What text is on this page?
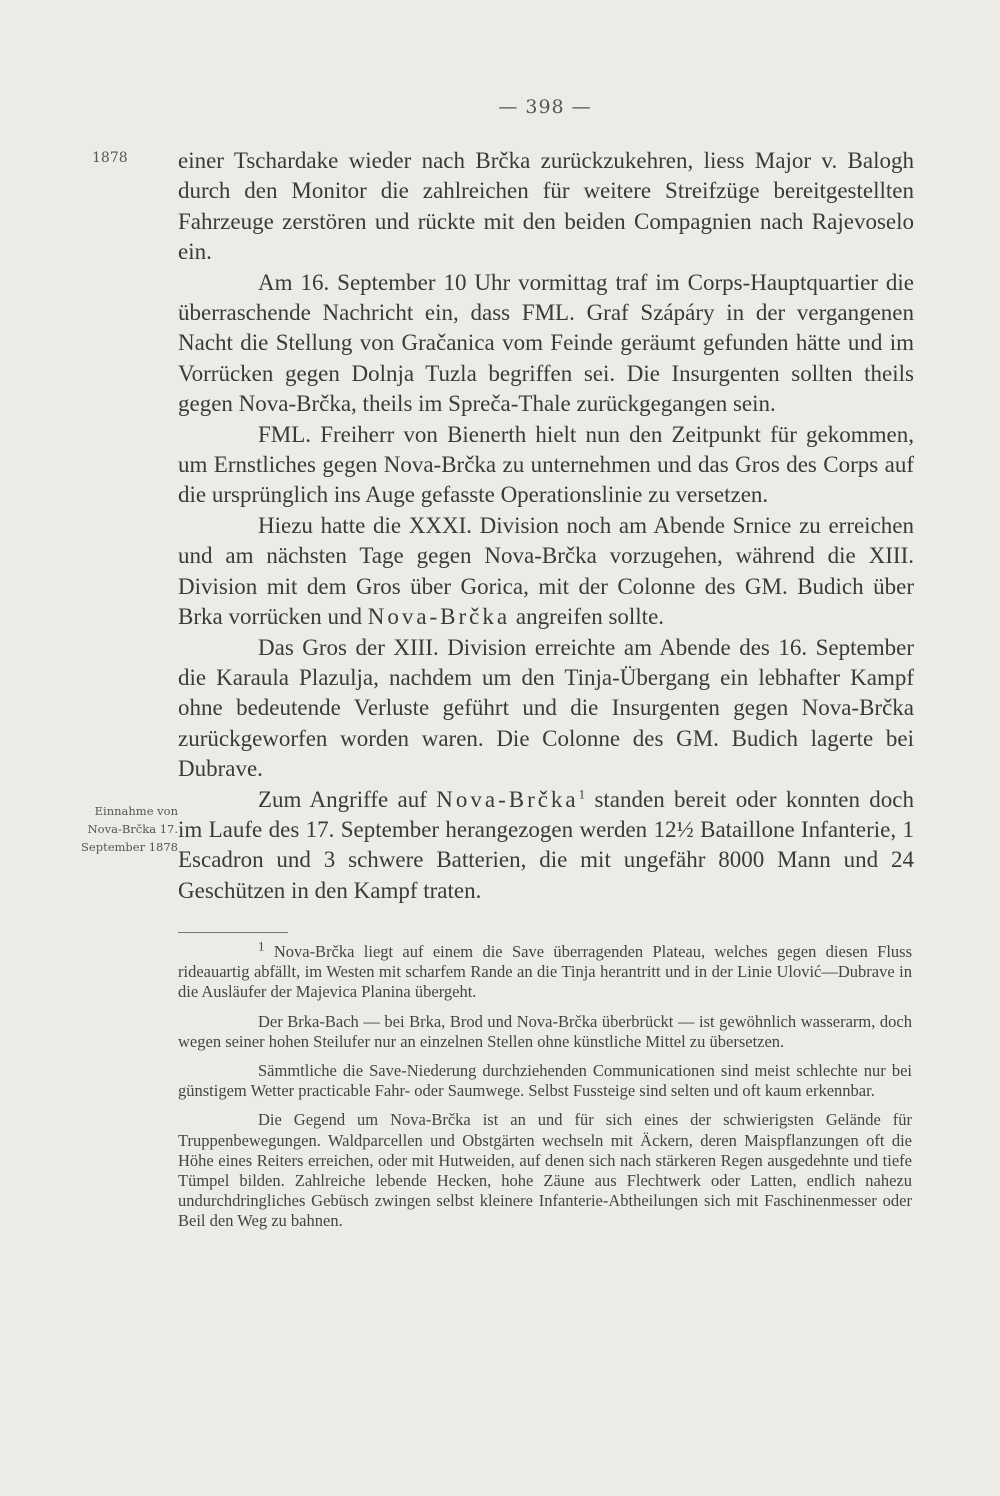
— 398 —
1878
Einnahme von
Nova-Brčka 17.
September 1878

einer Tschardake wieder nach Brčka zurückzukehren, liess Major v. Balogh durch den Monitor die zahlreichen für weitere Streifzüge bereitgestellten Fahrzeuge zerstören und rückte mit den beiden Compagnien nach Rajevoselo ein.

Am 16. September 10 Uhr vormittag traf im Corps-Hauptquartier die überraschende Nachricht ein, dass FML. Graf Szápáry in der vergangenen Nacht die Stellung von Gračanica vom Feinde geräumt gefunden hätte und im Vorrücken gegen Dolnja Tuzla begriffen sei. Die Insurgenten sollten theils gegen Nova-Brčka, theils im Spreča-Thale zurückgegangen sein.

FML. Freiherr von Bienerth hielt nun den Zeitpunkt für gekommen, um Ernstliches gegen Nova-Brčka zu unternehmen und das Gros des Corps auf die ursprünglich ins Auge gefasste Operationslinie zu versetzen.

Hiezu hatte die XXXI. Division noch am Abende Srnice zu erreichen und am nächsten Tage gegen Nova-Brčka vorzugehen, während die XIII. Division mit dem Gros über Gorica, mit der Colonne des GM. Budich über Brka vorrücken und Nova-Brčka angreifen sollte.

Das Gros der XIII. Division erreichte am Abende des 16. September die Karaula Plazulja, nachdem um den Tinja-Übergang ein lebhafter Kampf ohne bedeutende Verluste geführt und die Insurgenten gegen Nova-Brčka zurückgeworfen worden waren. Die Colonne des GM. Budich lagerte bei Dubrave.

Zum Angriffe auf Nova-Brčka$^1$ standen bereit oder konnten doch im Laufe des 17. September herangezogen werden 12½ Bataillone Infanterie, 1 Escadron und 3 schwere Batterien, die mit ungefähr 8000 Mann und 24 Geschützen in den Kampf traten.

$^1$ Nova-Brčka liegt auf einem die Save überragenden Plateau, welches gegen diesen Fluss rideauartig abfällt, im Westen mit scharfem Rande an die Tinja herantritt und in der Linie Ulović—Dubrave in die Ausläufer der Majevica Planina übergeht.

Der Brka-Bach — bei Brka, Brod und Nova-Brčka überbrückt — ist gewöhnlich wasserarm, doch wegen seiner hohen Steilufer nur an einzelnen Stellen ohne künstliche Mittel zu übersetzen.

Sämmtliche die Save-Niederung durchziehenden Communicationen sind meist schlechte nur bei günstigem Wetter practicable Fahr- oder Saumwege. Selbst Fussteige sind selten und oft kaum erkennbar.

Die Gegend um Nova-Brčka ist an und für sich eines der schwierigsten Gelände für Truppenbewegungen. Waldparcellen und Obstgärten wechseln mit Äckern, deren Maispflanzungen oft die Höhe eines Reiters erreichen, oder mit Hutweiden, auf denen sich nach stärkeren Regen ausgedehnte und tiefe Tümpel bilden. Zahlreiche lebende Hecken, hohe Zäune aus Flechtwerk oder Latten, endlich nahezu undurchdringliches Gebüsch zwingen selbst kleinere Infanterie-Abtheilungen sich mit Faschinenmesser oder Beil den Weg zu bahnen.
